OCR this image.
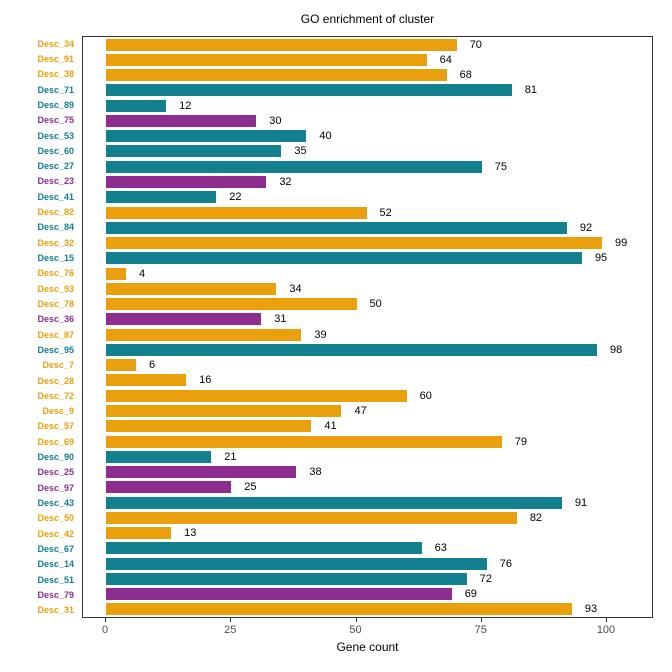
GO enrichment of cluster
Desc_34
Desc_91
Desc_38
Desc_71
Desc_89
Desc_75
Desc_53
Desc_60
Desc_27
Desc_23
Desc_41
Desc_82
Desc_84
Desc_32
Desc_15
Desc_76
Desc_93
Desc_78
Desc_36
Desc_87
Desc_95
Desc_7
Desc_28
Desc_72
Desc_9
Desc_57
Desc_69
Desc_90
Desc_25
Desc_97
Desc_43
Desc_50
Desc_42
Desc_67
Desc_14
Desc_51
Desc_79
Desc_31
70
64
68
81
12
30
40
35
75
32
22
52
92
99
95
4
34
50
31
39
98
6
16
60
47
41
79
21
38
25
91
82
13
63
76
72
69
93
0	25	50	75	100
Gene count
